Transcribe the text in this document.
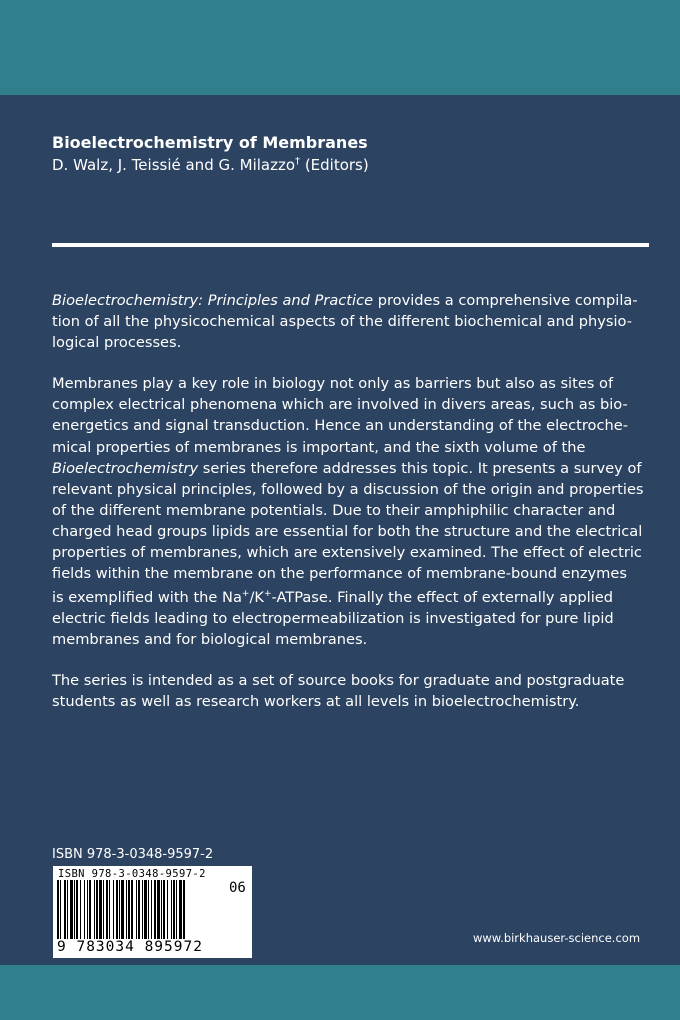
Bioelectrochemistry of Membranes
D. Walz, J. Teissié and G. Milazzo† (Editors)

Bioelectrochemistry: Principles and Practice provides a comprehensive compila-
tion of all the physicochemical aspects of the different biochemical and physio-
logical processes.

Membranes play a key role in biology not only as barriers but also as sites of
complex electrical phenomena which are involved in divers areas, such as bio-
energetics and signal transduction. Hence an understanding of the electroche-
mical properties of membranes is important, and the sixth volume of the
Bioelectrochemistry series therefore addresses this topic. It presents a survey of
relevant physical principles, followed by a discussion of the origin and properties
of the different membrane potentials. Due to their amphiphilic character and
charged head groups lipids are essential for both the structure and the electrical
properties of membranes, which are extensively examined. The effect of electric
fields within the membrane on the performance of membrane-bound enzymes
is exemplified with the Na+/K+-ATPase. Finally the effect of externally applied
electric fields leading to electropermeabilization is investigated for pure lipid
membranes and for biological membranes.

The series is intended as a set of source books for graduate and postgraduate
students as well as research workers at all levels in bioelectrochemistry.

ISBN 978-3-0348-9597-2
ISBN 978-3-0348-9597-2
06
9 783034 895972
www.birkhauser-science.com
